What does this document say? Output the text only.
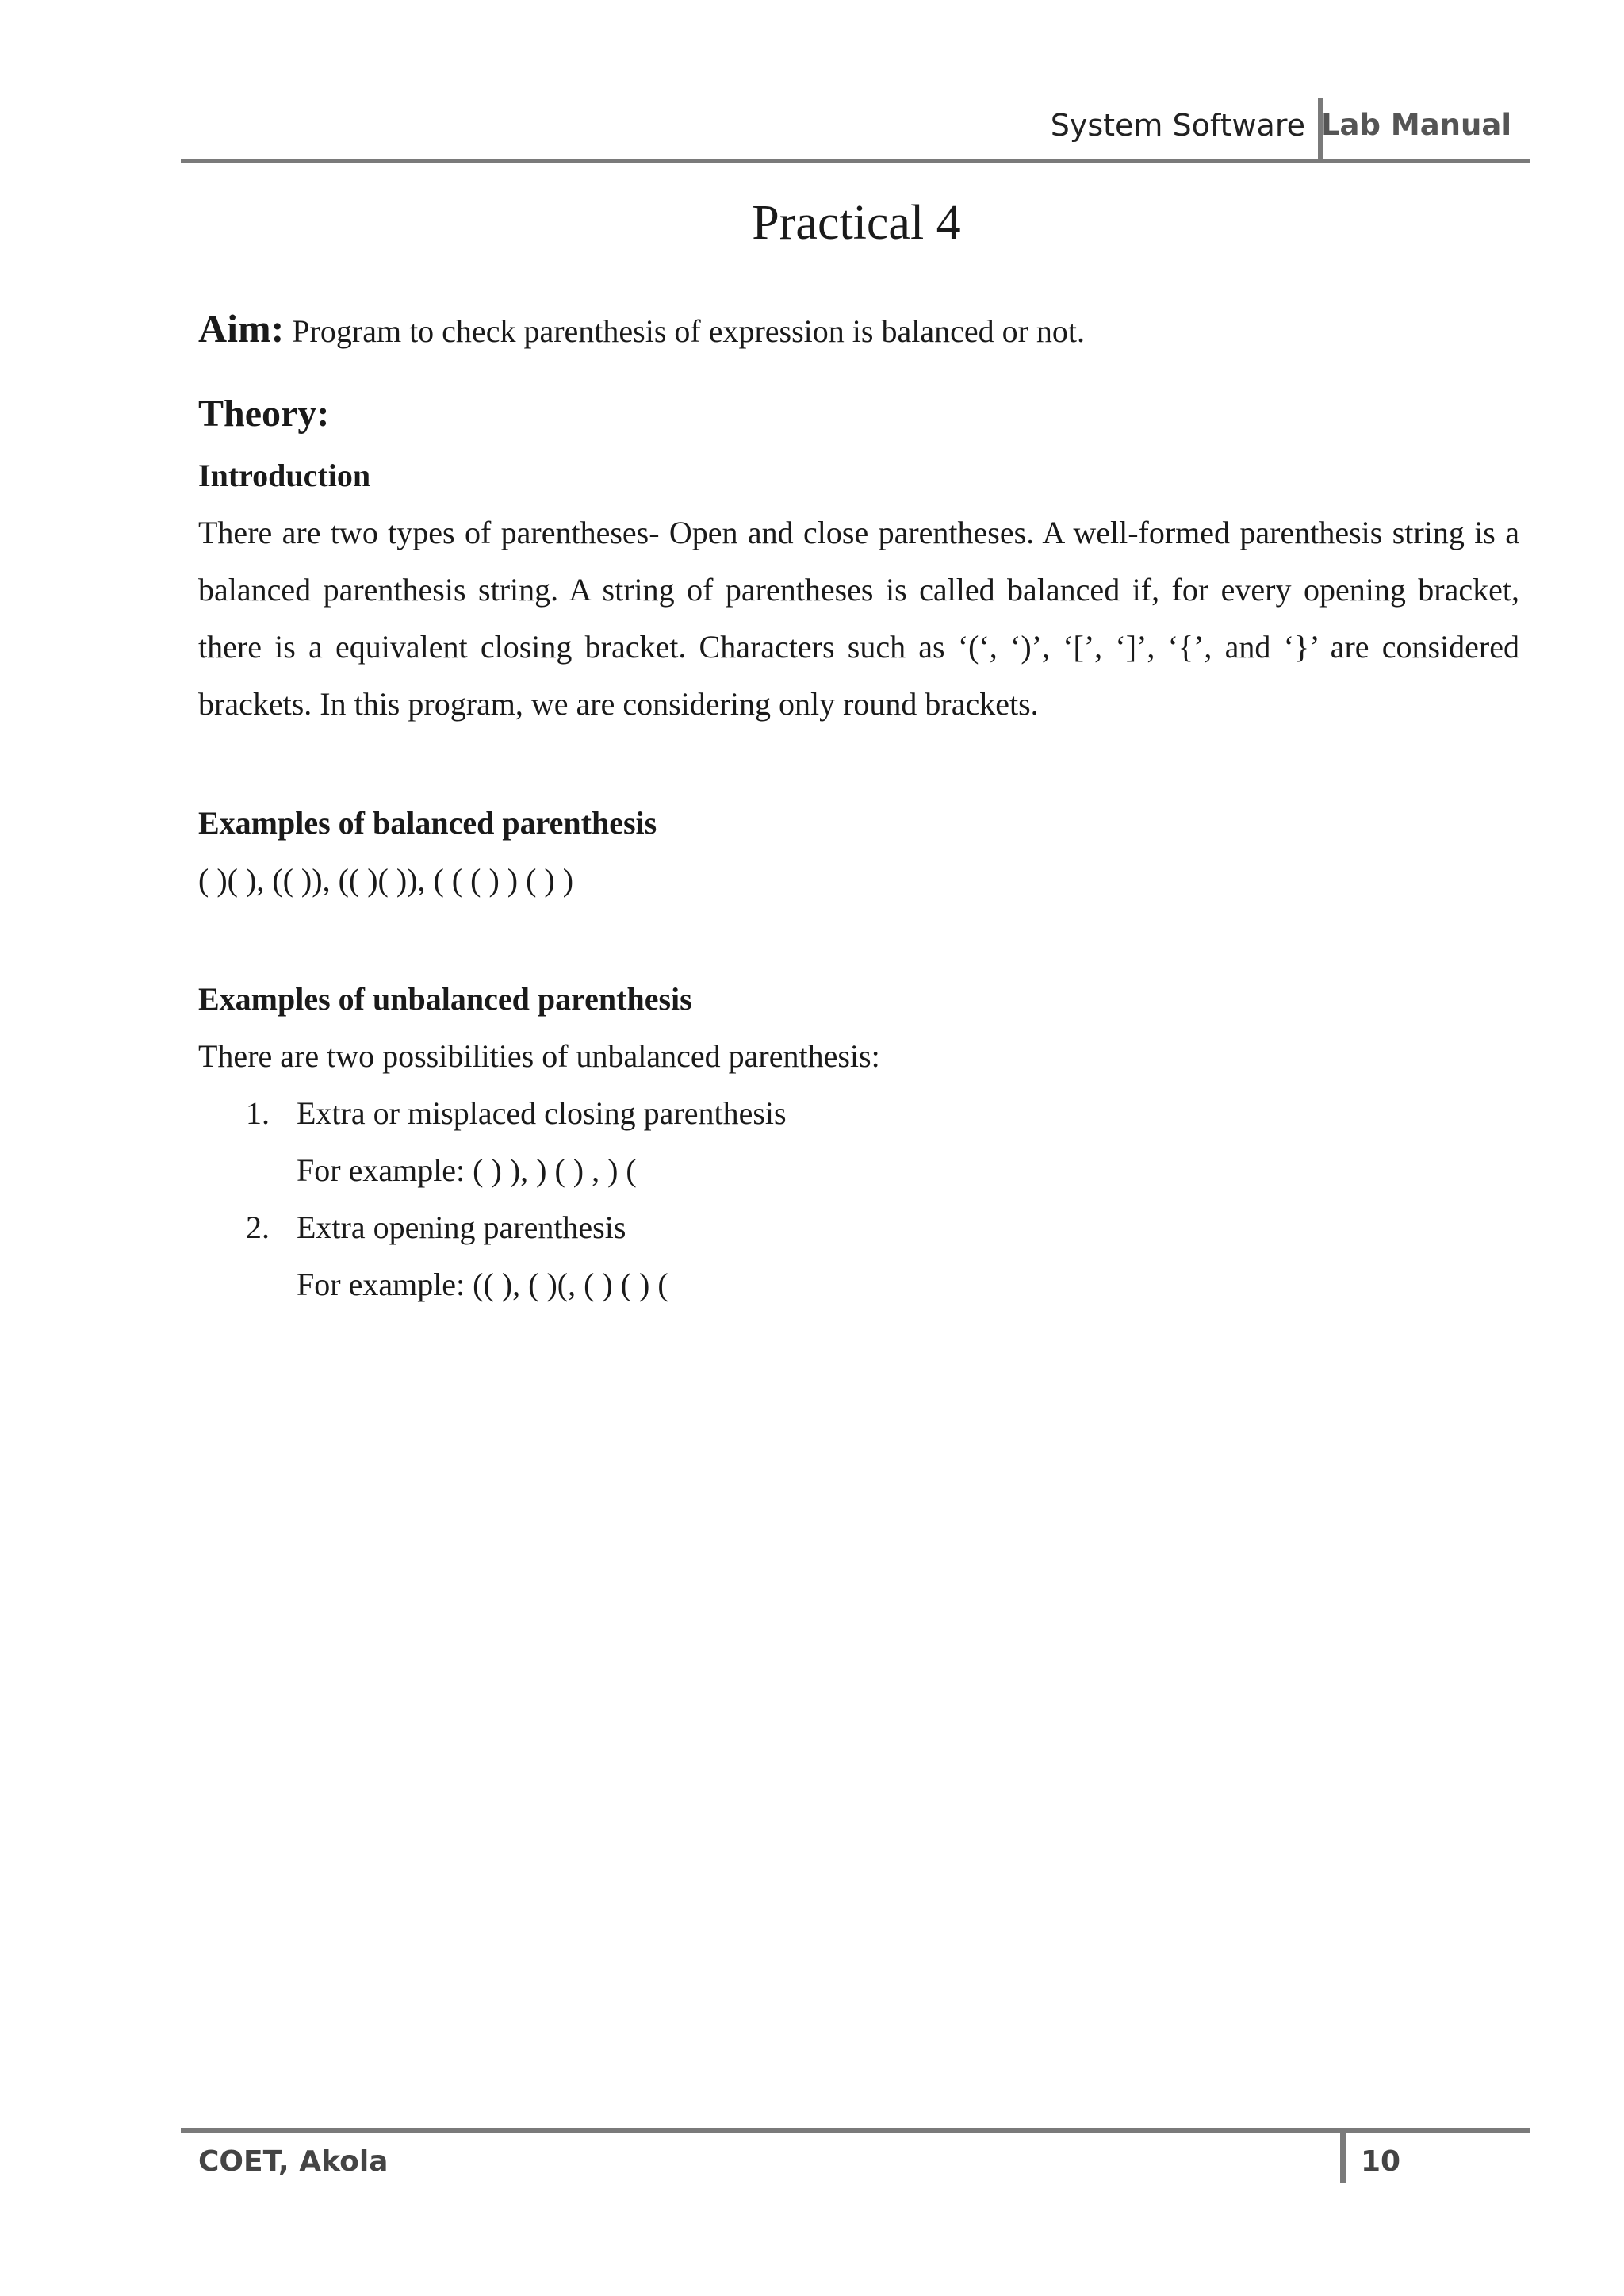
System Software Lab Manual
Practical 4

Aim: Program to check parenthesis of expression is balanced or not.

Theory:
Introduction

There are two types of parentheses- Open and close parentheses. A well-formed parenthesis string is a balanced parenthesis string. A string of parentheses is called balanced if, for every opening bracket, there is a equivalent closing bracket. Characters such as ‘(‘, ‘)’, ‘[’, ‘]’, ‘{’, and ‘}’ are considered brackets. In this program, we are considering only round brackets.

Examples of balanced parenthesis

( )( ), (( )), (( )( )), ( ( ( ) ) ( ) )

Examples of unbalanced parenthesis

There are two possibilities of unbalanced parenthesis:

1. Extra or misplaced closing parenthesis
For example: ( ) ), ) ( ) , ) (
2. Extra opening parenthesis
For example: (( ), ( )(, ( ) ( ) (
COET, Akola	10
